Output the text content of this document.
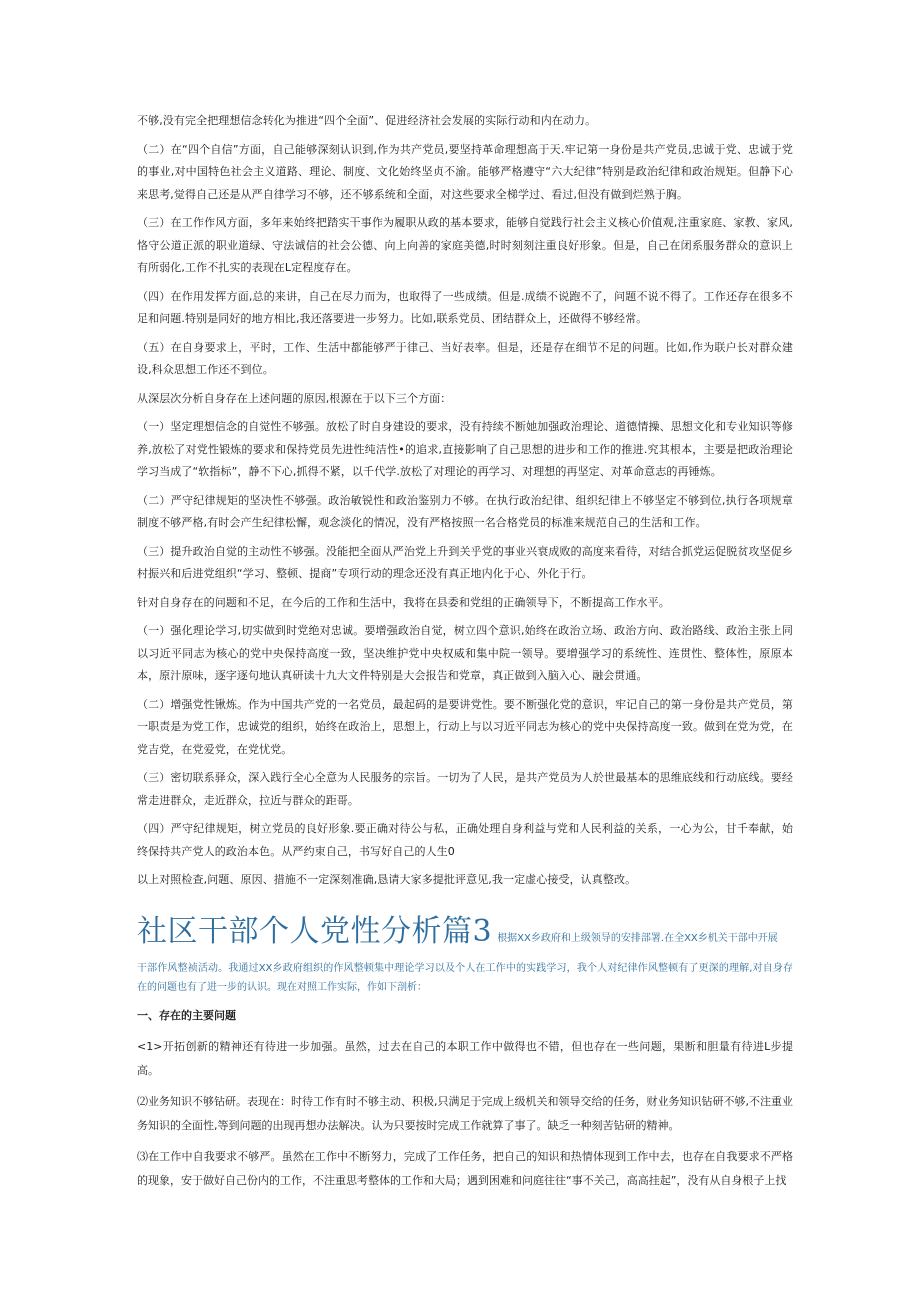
不够,没有完全把理想信念转化为推进“四个全面”、促进经济社会发展的实际行动和内在动力。

（二）在“四个自信”方面，自己能够深刻认识到,作为共产党员,要坚持革命理想高于天.牢记第一身份是共产党员,忠诚于党、忠诚于党的事业,对中国特色社会主义道路、理论、制度、文化始终坚贞不渝。能够严格遵守“六大纪律”特别是政治纪律和政治规矩。但静下心来思考,觉得自己还是从严自律学习不够，还不够系统和全面，对这些要求全梯学过、看过,但没有做到烂熟于胸。

（三）在工作作风方面，多年来始终把踏实干事作为履职从政的基本要求，能够自觉践行社会主义核心价值观,注重家庭、家教、家风,恪守公道正派的职业道绿、守法诚信的社会公德、向上向善的家庭美德,时时刻刻注重良好形象。但是，自己在闭系服务群众的意识上有所弱化,工作不扎实的表现在L定程度存在。

（四）在作用发挥方面,总的来讲，自己在尽力而为，也取得了一些成绩。但是.成绩不说跑不了，问题不说不得了。工作还存在很多不足和问题.特别是同好的地方相比,我还落要进一步努力。比如,联系党员、团结群众上，还做得不够经常。

（五）在自身要求上，平时，工作、生活中都能够严于律己、当好表率。但是，还是存在细节不足的问题。比如,作为联户长对群众建设,科众思想工作还不到位。

从深层次分析自身存在上述问题的原因,根源在于以下三个方面：

（一）坚定理想信念的自觉性不够强。放松了时自身建设的要求，没有持续不断她加强政治理论、道德情操、思想文化和专业知识等修养,放松了对党性锻炼的要求和保持党员先进性纯洁性•的追求,直接影响了自己思想的进步和工作的推进.究其根本，主要是把政治理论学习当成了“软指标”，静不下心,抓得不紧，以千代学.放松了对理论的再学习、对理想的再坚定、对革命意志的再锤炼。

（二）严守纪律规矩的坚决性不够强。政治敏锐性和政治鉴别力不够。在执行政治纪律、组织纪律上不够坚定不够到位,执行各项规章制度不够严格,有时会产生纪律松懈，观念淡化的情况，没有严格按照一名合格党员的标准来规范自己的生活和工作。

（三）提升政治自觉的主动性不够强。没能把全面从严治党上升到关乎党的事业兴衰成败的高度来看待，对结合抓党运促脱贫攻坚促乡村振兴和后进党组织“学习、整顿、提商”专项行动的理念还没有真正地内化于心、外化于行。

针对自身存在的问题和不足，在今后的工作和生活中，我将在县委和党组的正确领导下，不断提高工作水平。

（一）强化理论学习,切实做到时党绝对忠诚。要增强政治自觉，树立四个意识,始终在政治立场、政治方向、政治路线、政治主张上同以习近平同志为核心的党中央保持高度一致，坚决维护党中央权威和集中院一领导。要增强学习的系统性、连贯性、整体性，原原本本，原汁原味，逐字逐句地认真研读十九大文件特别是大会报告和党章，真正做到入脑入心、融会贯通。

（二）增强党性锹炼。作为中国共产党的一名党员，最起码的是要讲党性。要不断强化党的意识，牢记自己的第一身份是共产党员，第一职责是为党工作，忠诚党的组织，始终在政治上，思想上，行动上与以习近平同志为核心的党中央保持高度一致。做到在党为党，在党吉党，在党爱党，在党忧党。

（三）密切联系驿众，深入践行全心全意为人民服务的宗旨。一切为了人民，是共产党员为人於世最基本的思维底线和行动底线。要经常走进群众，走近群众，拉近与群众的距哥。

（四）严守纪律规矩，树立党员的良好形象.要正确对待公与私，正确处理自身利益与党和人民利益的关系，一心为公，甘千奉献，始终保持共产党人的政治本色。从严约束自己，书写好自己的人生0

以上对照检查,问题、原因、措施不一定深刻准确,恳请大家多提批评意见,我一定虚心接受，认真整改。

社区干部个人党性分析篇3 根据XX乡政府和上级领导的安排部署.在全XX乡机关干部中开展

干部作风整祯活动。我通过XX乡政府组织的作风整顿集中理论学习以及个人在工作中的实践学习，我个人对纪律作风整顿有了更深的理解,对自身存在的问题也有了进一步的认识。现在对照工作实际，作如下剖析：

一、存在的主要问题

<1>开拓创新的精神还有待进一步加强。虽然，过去在自己的本职工作中做得也不错，但也存在一些问题，果断和胆量有待进L步提高。

⑵业务知识不够钻研。表现在：时待工作有时不够主动、积极,只满足于完成上级机关和领导交给的任务，财业务知识钻研不够,不注重业务知识的全面性,等到问题的出现再想办法解决。认为只要按时完成工作就算了事了。缺乏一种刻苦钻研的精神。

⑶在工作中自我要求不够严。虽然在工作中不断努力，完成了工作任务，把自己的知识和热情体现到工作中去，也存在自我要求不严格的现象，安于做好自己份内的工作，不注重思考整体的工作和大局；遇到困难和问庭往往“事不关己，高高挂起”，没有从自身根子上找
